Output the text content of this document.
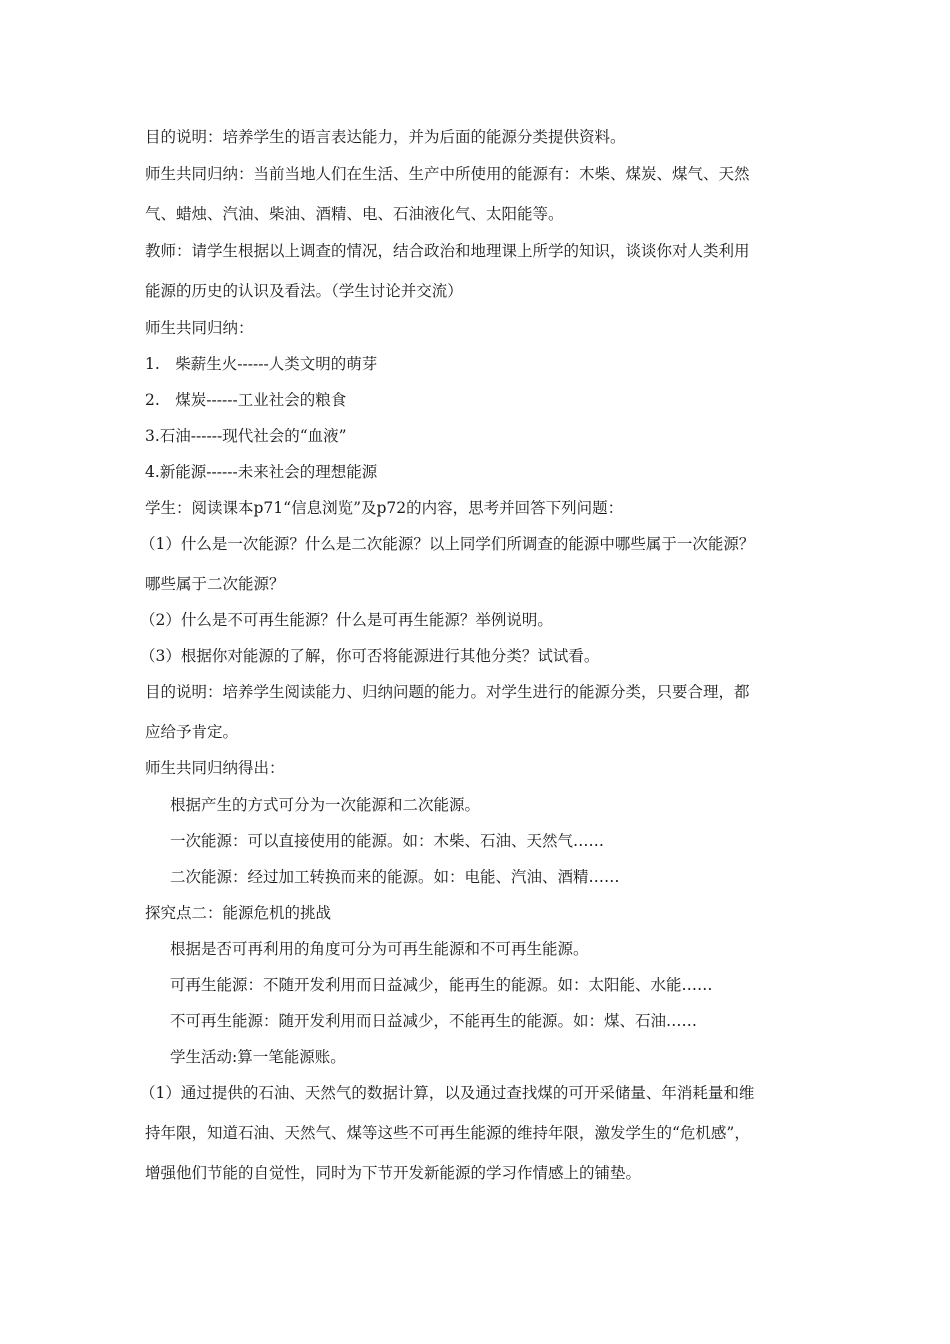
目的说明：培养学生的语言表达能力，并为后面的能源分类提供资料。
师生共同归纳：当前当地人们在生活、生产中所使用的能源有：木柴、煤炭、煤气、天然
气、蜡烛、汽油、柴油、酒精、电、石油液化气、太阳能等。
教师：请学生根据以上调查的情况，结合政治和地理课上所学的知识，谈谈你对人类利用
能源的历史的认识及看法。（学生讨论并交流）
师生共同归纳：
1.　柴薪生火------人类文明的萌芽
2.　煤炭------工业社会的粮食
3.石油------现代社会的“血液”
4.新能源------未来社会的理想能源
学生：阅读课本p71“信息浏览”及p72的内容，思考并回答下列问题：
（1）什么是一次能源？什么是二次能源？以上同学们所调查的能源中哪些属于一次能源？
哪些属于二次能源？
（2）什么是不可再生能源？什么是可再生能源？举例说明。
（3）根据你对能源的了解，你可否将能源进行其他分类？试试看。
目的说明：培养学生阅读能力、归纳问题的能力。对学生进行的能源分类，只要合理，都
应给予肯定。
师生共同归纳得出：
根据产生的方式可分为一次能源和二次能源。
一次能源：可以直接使用的能源。如：木柴、石油、天然气……
二次能源：经过加工转换而来的能源。如：电能、汽油、酒精……
探究点二：能源危机的挑战
根据是否可再利用的角度可分为可再生能源和不可再生能源。
可再生能源：不随开发利用而日益减少，能再生的能源。如：太阳能、水能……
不可再生能源：随开发利用而日益减少，不能再生的能源。如：煤、石油……
学生活动:算一笔能源账。
（1）通过提供的石油、天然气的数据计算，以及通过查找煤的可开采储量、年消耗量和维
持年限，知道石油、天然气、煤等这些不可再生能源的维持年限，激发学生的“危机感”，
增强他们节能的自觉性，同时为下节开发新能源的学习作情感上的铺垫。
